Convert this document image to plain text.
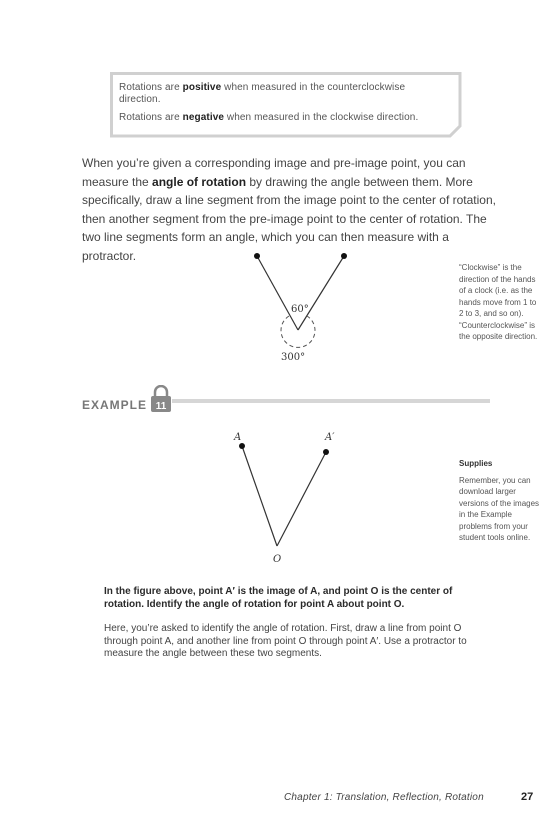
Rotations are positive when measured in the counterclockwise direction.
Rotations are negative when measured in the clockwise direction.
When you’re given a corresponding image and pre-image point, you can measure the angle of rotation by drawing the angle between them. More specifically, draw a line segment from the image point to the center of rotation, then another segment from the pre-image point to the center of rotation. The two line segments form an angle, which you can then measure with a protractor.
60°
300°
“Clockwise” is the direction of the hands of a clock (i.e. as the hands move from 1 to 2 to 3, and so on). “Counterclockwise” is the opposite direction.
EXAMPLE 11
A	A′
O
Supplies
Remember, you can download larger versions of the images in the Example problems from your student tools online.
In the figure above, point A′ is the image of A, and point O is the center of rotation. Identify the angle of rotation for point A about point O.
Here, you’re asked to identify the angle of rotation. First, draw a line from point O through point A, and another line from point O through point A′. Use a protractor to measure the angle between these two segments.
Chapter 1: Translation, Reflection, Rotation	27
